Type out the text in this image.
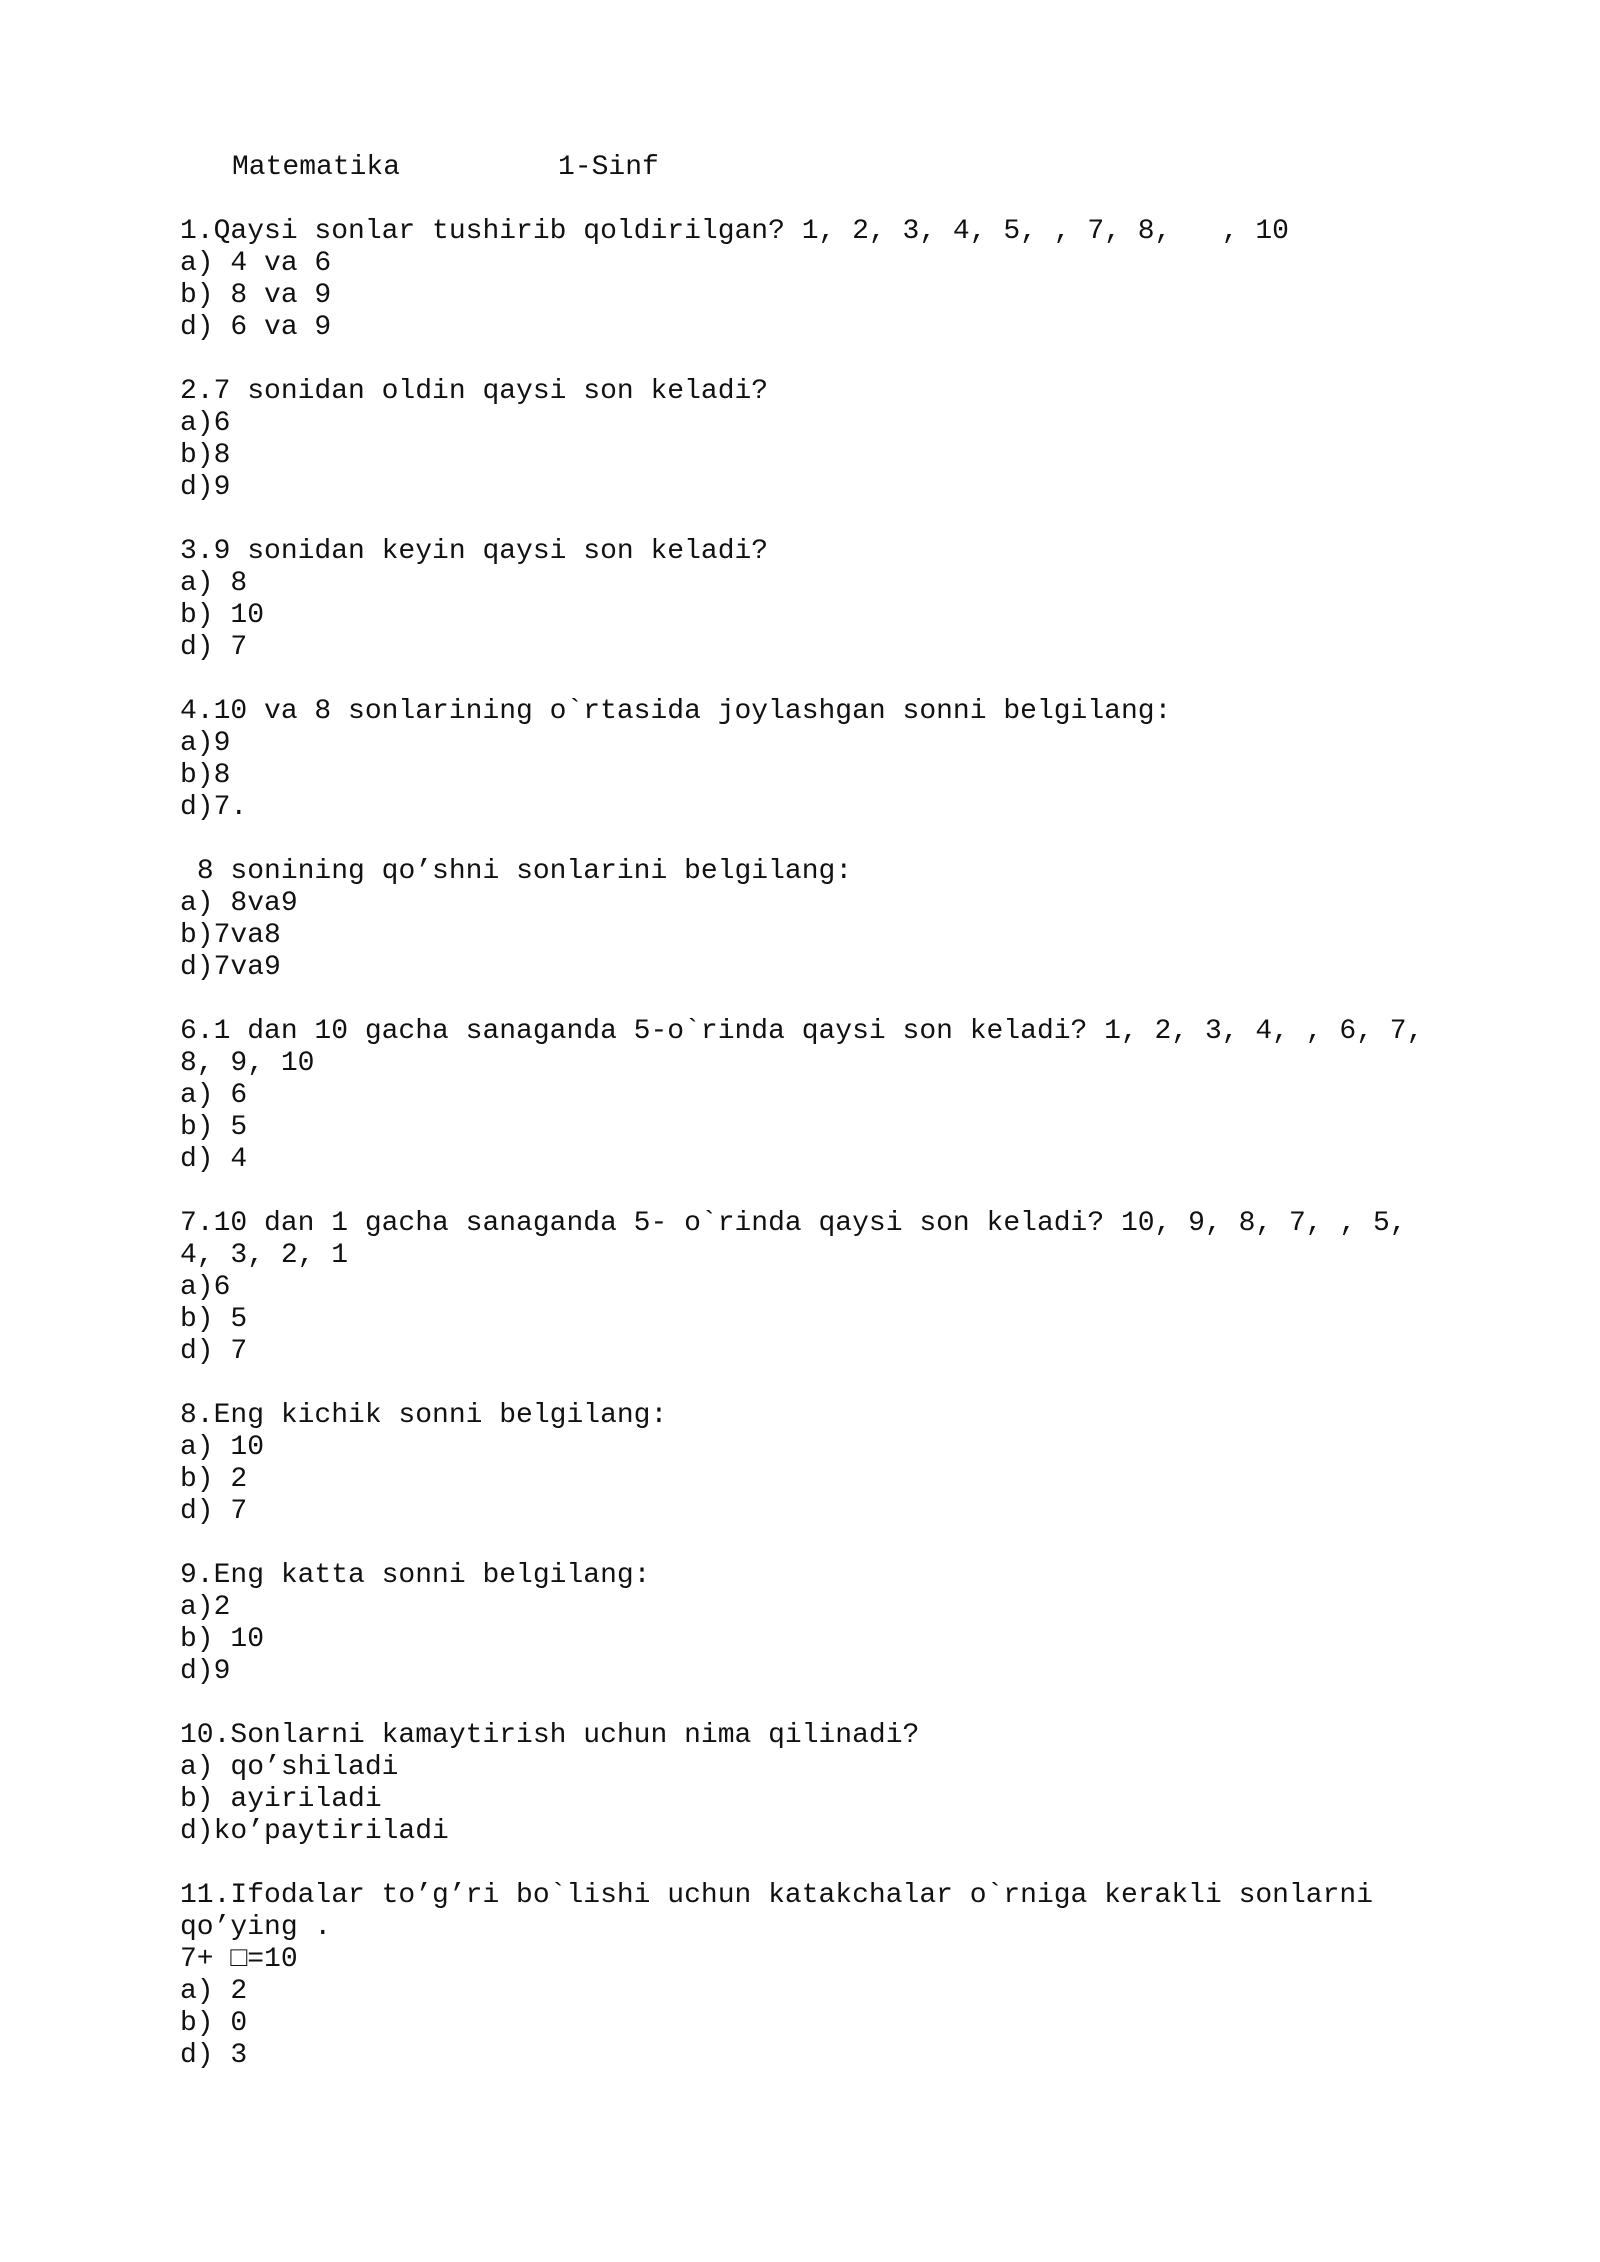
Matematika	1-Sinf
1.Qaysi sonlar tushirib qoldirilgan? 1, 2, 3, 4, 5, , 7, 8,   , 10
a) 4 va 6
b) 8 va 9
d) 6 va 9
2.7 sonidan oldin qaysi son keladi?
a)6
b)8
d)9
3.9 sonidan keyin qaysi son keladi?
a) 8
b) 10
d) 7
4.10 va 8 sonlarining o`rtasida joylashgan sonni belgilang:
a)9
b)8
d)7.
8 sonining qo’shni sonlarini belgilang:
a) 8va9
b)7va8
d)7va9
6.1 dan 10 gacha sanaganda 5-o`rinda qaysi son keladi? 1, 2, 3, 4, , 6, 7, 8, 9, 10
a) 6
b) 5
d) 4
7.10 dan 1 gacha sanaganda 5- o`rinda qaysi son keladi? 10, 9, 8, 7, , 5, 4, 3, 2, 1
a)6
b) 5
d) 7
8.Eng kichik sonni belgilang:
a) 10
b) 2
d) 7
9.Eng katta sonni belgilang:
a)2
b) 10
d)9
10.Sonlarni kamaytirish uchun nima qilinadi?
a) qo’shiladi
b) ayiriladi
d)ko’paytiriladi
11.Ifodalar to’g’ri bo`lishi uchun katakchalar o`rniga kerakli sonlarni qo’ying .
7+ □=10
a) 2
b) 0
d) 3
